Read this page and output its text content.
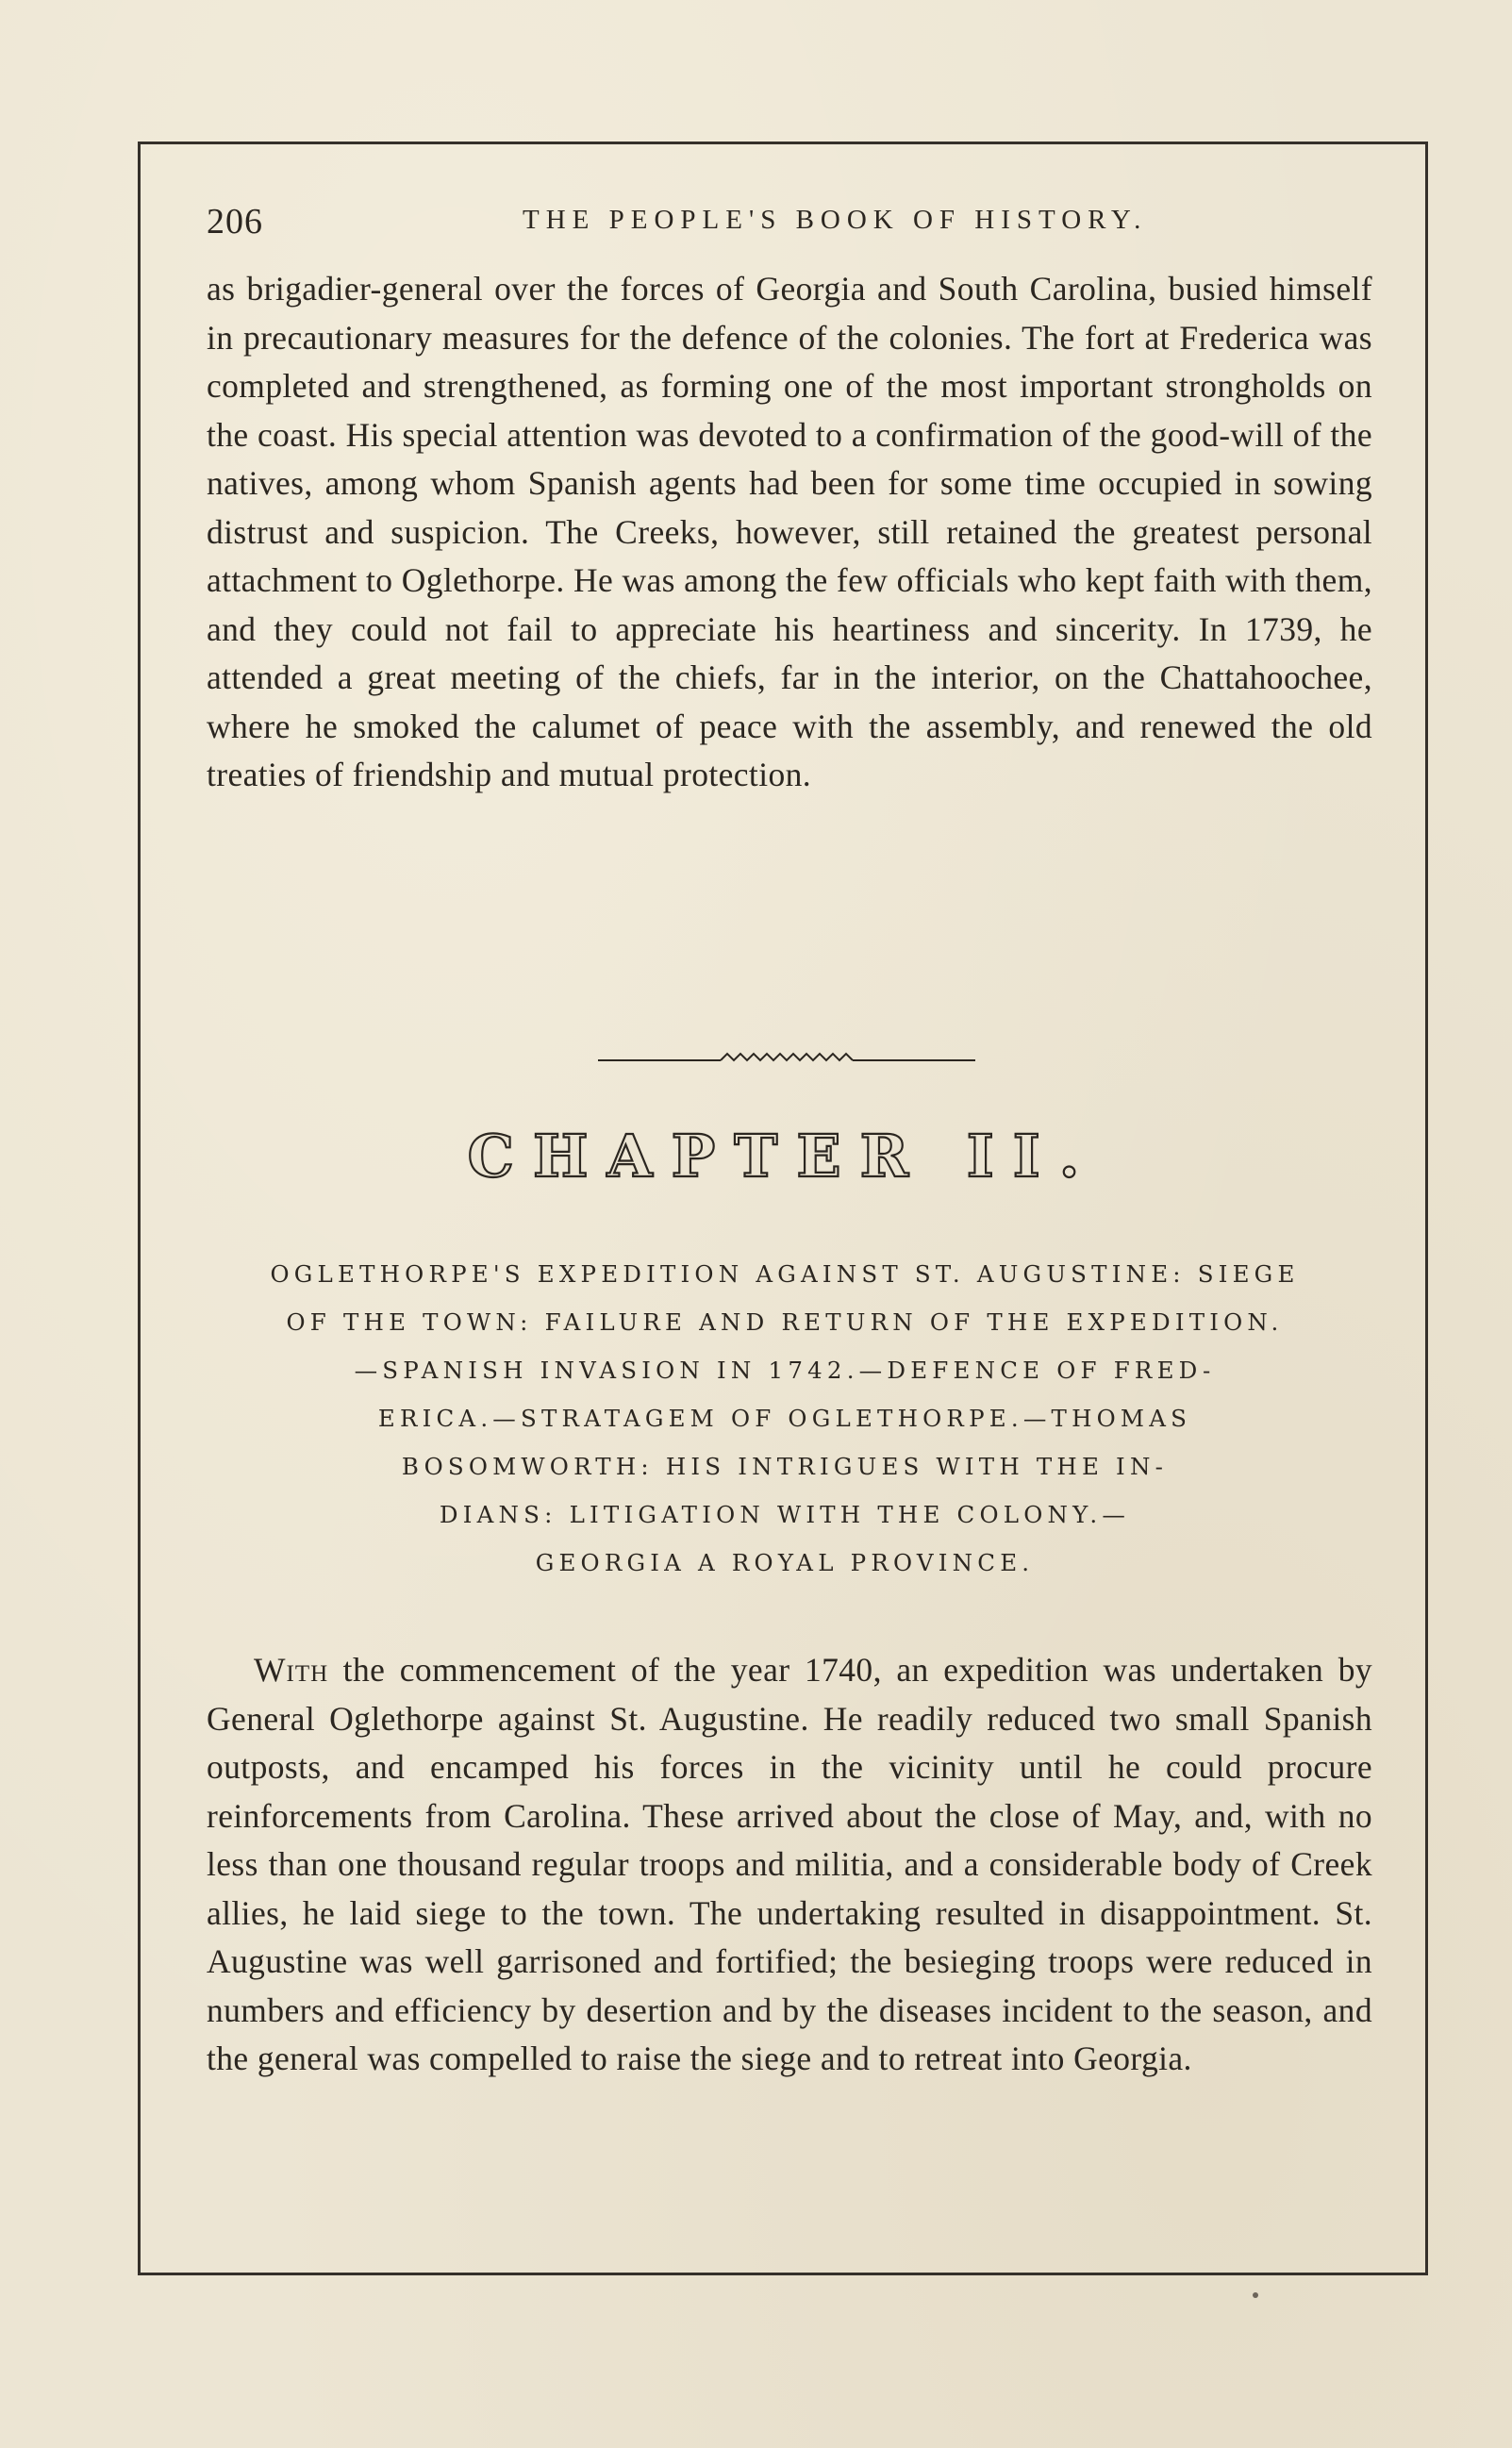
206	THE PEOPLE'S BOOK OF HISTORY.

as brigadier-general over the forces of Georgia and South Carolina, busied himself in precautionary measures for the defence of the colonies. The fort at Frederica was completed and strengthened, as forming one of the most important strongholds on the coast. His special attention was devoted to a confirmation of the good-will of the natives, among whom Spanish agents had been for some time occupied in sowing distrust and suspicion. The Creeks, however, still retained the greatest personal attachment to Oglethorpe. He was among the few officials who kept faith with them, and they could not fail to appreciate his heartiness and sincerity. In 1739, he attended a great meeting of the chiefs, far in the interior, on the Chattahoochee, where he smoked the calumet of peace with the assembly, and renewed the old treaties of friendship and mutual protection.

CHAPTER II.
OGLETHORPE'S EXPEDITION AGAINST ST. AUGUSTINE: SIEGE
OF THE TOWN: FAILURE AND RETURN OF THE EXPEDITION.
—SPANISH INVASION IN 1742.—DEFENCE OF FRED-
ERICA.—STRATAGEM OF OGLETHORPE.—THOMAS
BOSOMWORTH: HIS INTRIGUES WITH THE IN-
DIANS: LITIGATION WITH THE COLONY.—
GEORGIA A ROYAL PROVINCE.

With the commencement of the year 1740, an expedition was undertaken by General Oglethorpe against St. Augustine. He readily reduced two small Spanish outposts, and encamped his forces in the vicinity until he could procure reinforcements from Carolina. These arrived about the close of May, and, with no less than one thousand regular troops and militia, and a considerable body of Creek allies, he laid siege to the town. The undertaking resulted in disappointment. St. Augustine was well garrisoned and fortified; the besieging troops were reduced in numbers and efficiency by desertion and by the diseases incident to the season, and the general was compelled to raise the siege and to retreat into Georgia.
